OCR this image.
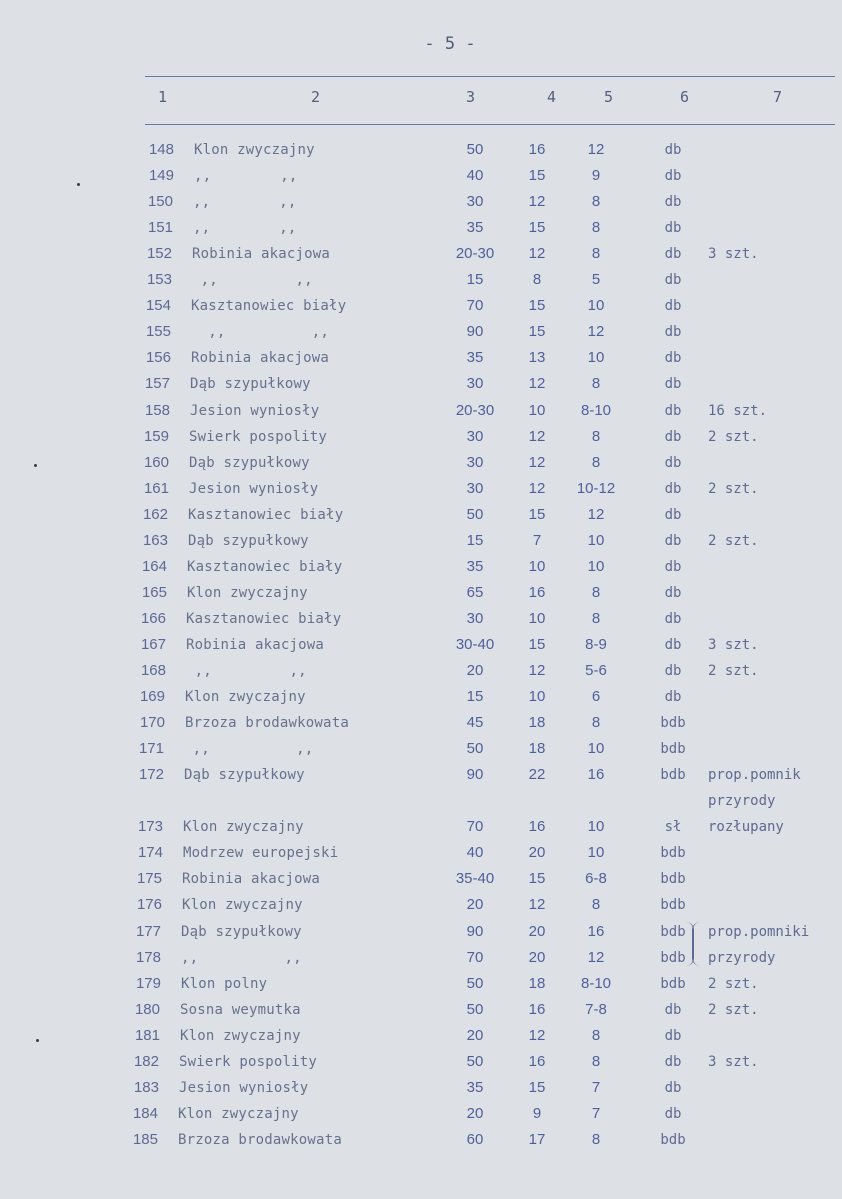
- 5 -
1	2	3	4	5	6	7
148 Klon zwyczajny	50	16	12	db
149 ,,        ,,	40	15	9	db
150 ,,        ,,	30	12	8	db
151 ,,        ,,	35	15	8	db
152 Robinia akacjowa	20-30	12	8	db	3 szt.
153 ,,         ,,	15	8	5	db
154 Kasztanowiec biały	70	15	10	db
155 ,,          ,,	90	15	12	db
156 Robinia akacjowa	35	13	10	db
157 Dąb szypułkowy	30	12	8	db
158 Jesion wyniosły	20-30	10	8-10	db	16 szt.
159 Swierk pospolity	30	12	8	db	2 szt.
160 Dąb szypułkowy	30	12	8	db
161 Jesion wyniosły	30	12	10-12	db	2 szt.
162 Kasztanowiec biały	50	15	12	db
163 Dąb szypułkowy	15	7	10	db	2 szt.
164 Kasztanowiec biały	35	10	10	db
165 Klon zwyczajny	65	16	8	db
166 Kasztanowiec biały	30	10	8	db
167 Robinia akacjowa	30-40	15	8-9	db	3 szt.
168 ,,         ,,	20	12	5-6	db	2 szt.
169 Klon zwyczajny	15	10	6	db
170 Brzoza brodawkowata	45	18	8	bdb
171 ,,          ,,	50	18	10	bdb
172 Dąb szypułkowy	90	22	16	bdb	prop.pomnik
przyrody
173 Klon zwyczajny	70	16	10	sł	rozłupany
174 Modrzew europejski	40	20	10	bdb
175 Robinia akacjowa	35-40	15	6-8	bdb
176 Klon zwyczajny	20	12	8	bdb
177 Dąb szypułkowy	90	20	16	bdb	prop.pomniki
178 ,,          ,,	70	20	12	bdb	przyrody
179 Klon polny	50	18	8-10	bdb	2 szt.
180 Sosna weymutka	50	16	7-8	db	2 szt.
181 Klon zwyczajny	20	12	8	db
182 Swierk pospolity	50	16	8	db	3 szt.
183 Jesion wyniosły	35	15	7	db
184 Klon zwyczajny	20	9	7	db
185 Brzoza brodawkowata	60	17	8	bdb
